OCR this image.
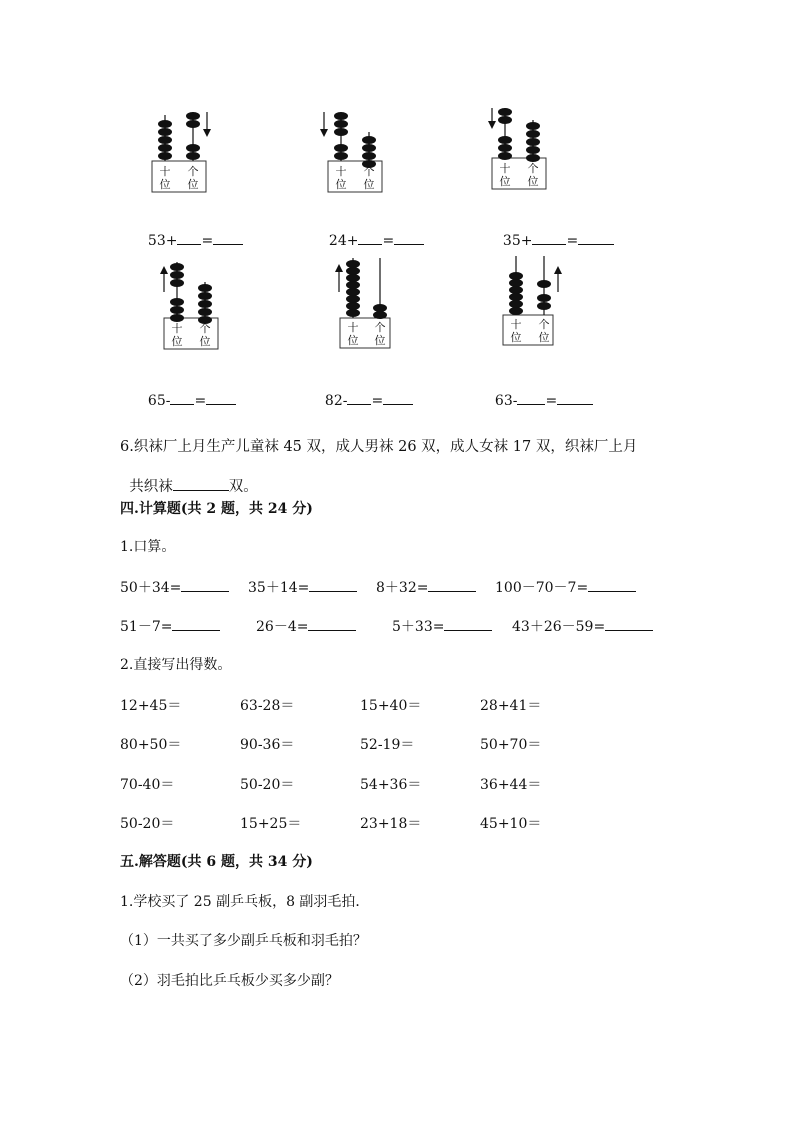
十
位
个
位
十
位
个
位
十
位
个
位
十
位
个
位
十
位
个
位
十
位
个
位

53+ =	24+ =	35+ =

65- =	82- =	63- =

6.织袜厂上月生产儿童袜 45 双，成人男袜 26 双，成人女袜 17 双，织袜厂上月

共织袜	双。

四.计算题(共 2 题，共 24 分)
1.口算。
50＋34=	35＋14=	8＋32=	100－70－7=
51－7=	26－4=	5＋33=	43＋26－59=
2.直接写出得数。
12+45＝	63-28＝	15+40＝	28+41＝
80+50＝	90-36＝	52-19＝	50+70＝
70-40＝	50-20＝	54+36＝	36+44＝
50-20＝	15+25＝	23+18＝	45+10＝
五.解答题(共 6 题，共 34 分)
1.学校买了 25 副乒乓板，8 副羽毛拍．
（1）一共买了多少副乒乓板和羽毛拍？
（2）羽毛拍比乒乓板少买多少副？
